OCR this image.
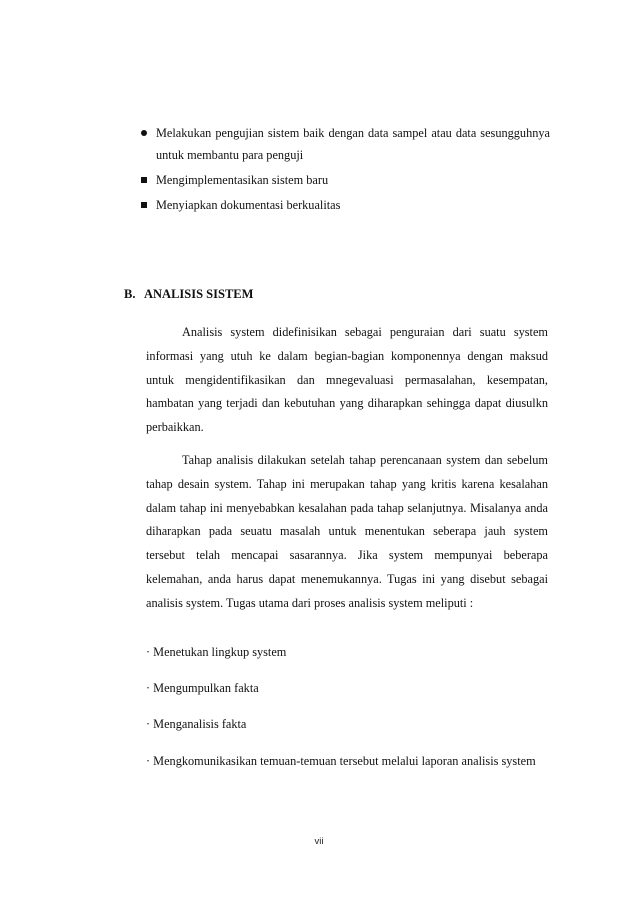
Melakukan pengujian sistem baik dengan data sampel atau data sesungguhnya untuk membantu para penguji
Mengimplementasikan sistem baru
Menyiapkan dokumentasi berkualitas
B. ANALISIS SISTEM

Analisis system didefinisikan sebagai penguraian dari suatu system informasi yang utuh ke dalam begian-bagian komponennya dengan maksud untuk mengidentifikasikan dan mnegevaluasi permasalahan, kesempatan, hambatan yang terjadi dan kebutuhan yang diharapkan sehingga dapat diusulkn perbaikkan.

Tahap analisis dilakukan setelah tahap perencanaan system dan sebelum tahap desain system. Tahap ini merupakan tahap yang kritis karena kesalahan dalam tahap ini menyebabkan kesalahan pada tahap selanjutnya. Misalanya anda diharapkan pada seuatu masalah untuk menentukan seberapa jauh system tersebut telah mencapai sasarannya. Jika system mempunyai beberapa kelemahan, anda harus dapat menemukannya. Tugas ini yang disebut sebagai analisis system. Tugas utama dari proses analisis system meliputi :

· Menetukan lingkup system
· Mengumpulkan fakta
· Menganalisis fakta
· Mengkomunikasikan temuan-temuan tersebut melalui laporan analisis system
vii
